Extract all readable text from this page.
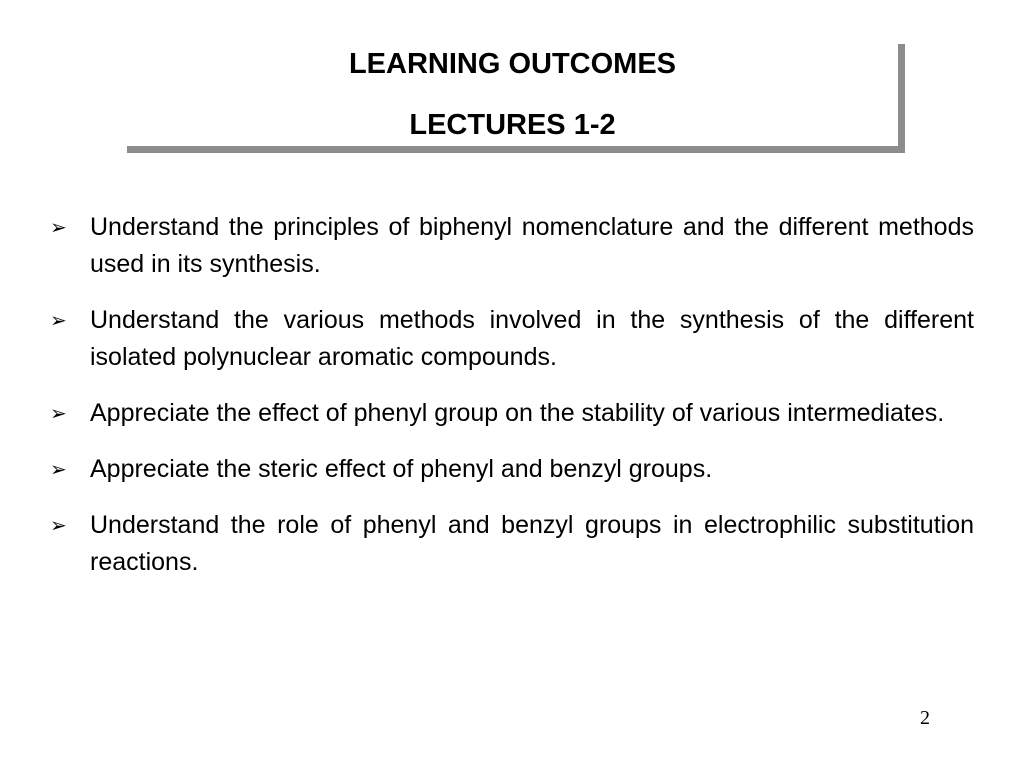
LEARNING OUTCOMES
LECTURES 1-2
➢ Understand the principles of biphenyl nomenclature and the different methods used in its synthesis.
➢ Understand the various methods involved in the synthesis of the different isolated polynuclear aromatic compounds.
➢ Appreciate the effect of phenyl group on the stability of various intermediates.
➢ Appreciate the steric effect of phenyl and benzyl groups.
➢ Understand the role of phenyl and benzyl groups in electrophilic substitution reactions.
2
